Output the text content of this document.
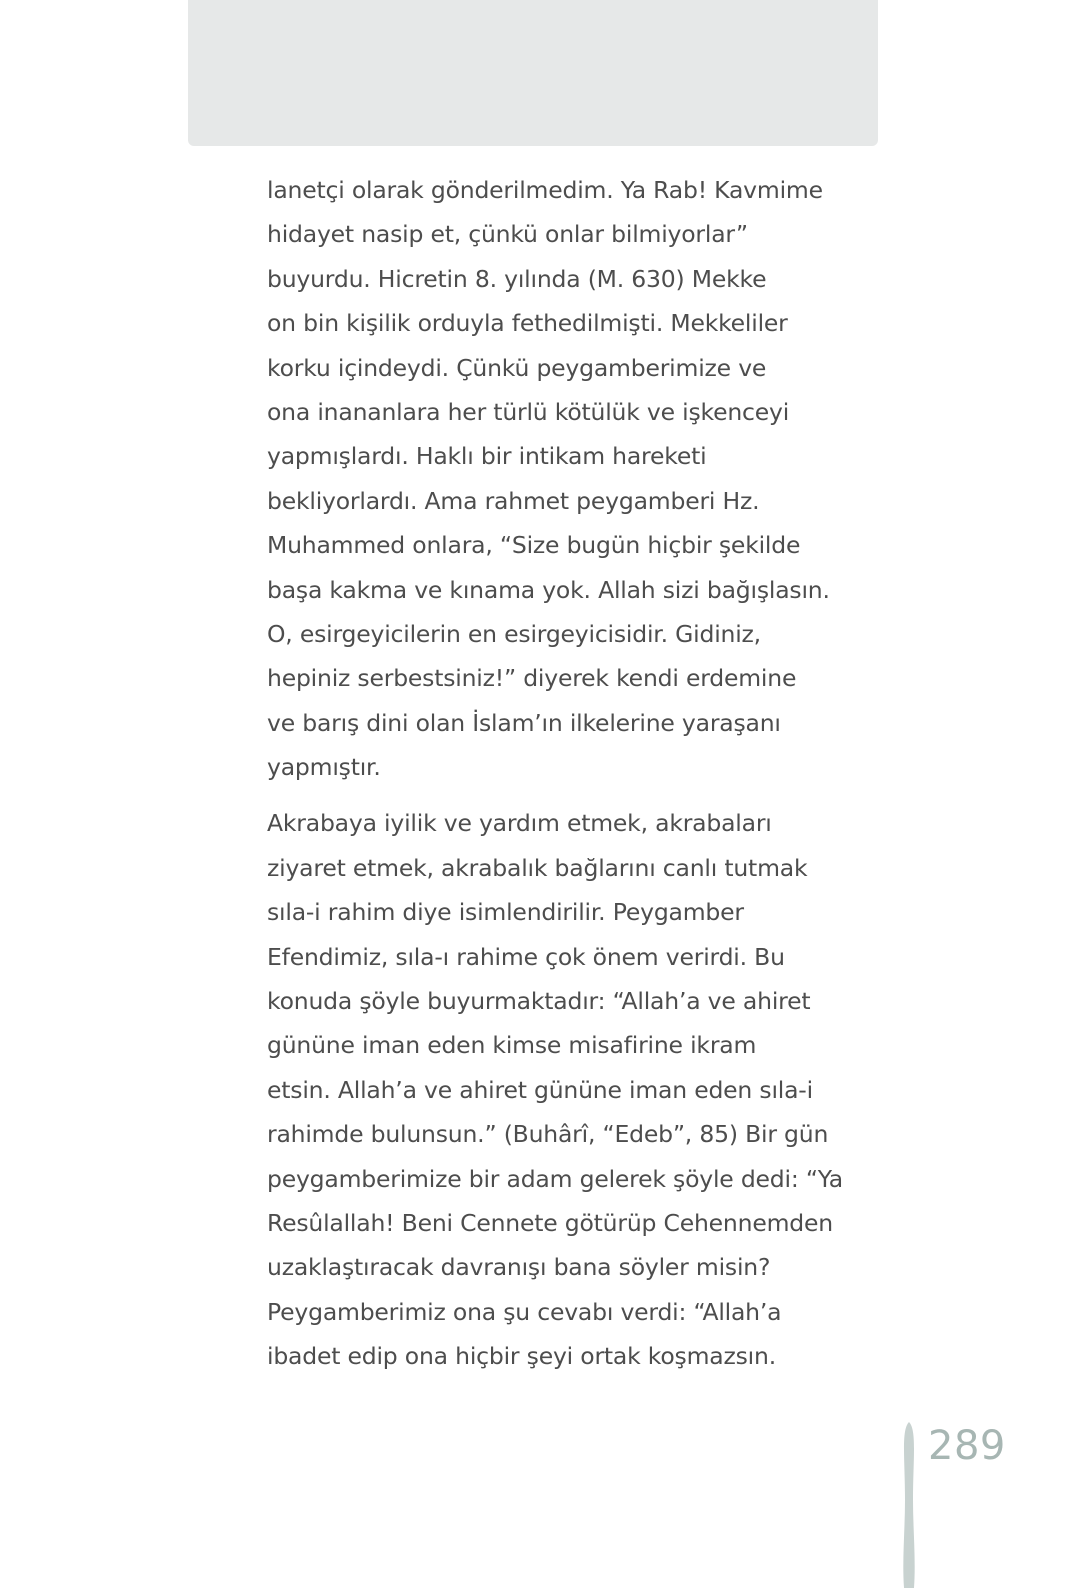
lanetçi olarak gönderilmedim. Ya Rab! Kavmime
hidayet nasip et, çünkü onlar bilmiyorlar”
buyurdu. Hicretin 8. yılında (M. 630) Mekke
on bin kişilik orduyla fethedilmişti. Mekkeliler
korku içindeydi. Çünkü peygamberimize ve
ona inananlara her türlü kötülük ve işkenceyi
yapmışlardı. Haklı bir intikam hareketi
bekliyorlardı. Ama rahmet peygamberi Hz.
Muhammed onlara, “Size bugün hiçbir şekilde
başa kakma ve kınama yok. Allah sizi bağışlasın.
O, esirgeyicilerin en esirgeyicisidir. Gidiniz,
hepiniz serbestsiniz!” diyerek kendi erdemine
ve barış dini olan İslam’ın ilkelerine yaraşanı
yapmıştır.

Akrabaya iyilik ve yardım etmek, akrabaları
ziyaret etmek, akrabalık bağlarını canlı tutmak
sıla-i rahim diye isimlendirilir. Peygamber
Efendimiz, sıla-ı rahime çok önem verirdi. Bu
konuda şöyle buyurmaktadır: “Allah’a ve ahiret
gününe iman eden kimse misafirine ikram
etsin. Allah’a ve ahiret gününe iman eden sıla-i
rahimde bulunsun.” (Buhârî, “Edeb”, 85) Bir gün
peygamberimize bir adam gelerek şöyle dedi: “Ya
Resûlallah! Beni Cennete götürüp Cehennemden
uzaklaştıracak davranışı bana söyler misin?
Peygamberimiz ona şu cevabı verdi: “Allah’a
ibadet edip ona hiçbir şeyi ortak koşmazsın.

289
